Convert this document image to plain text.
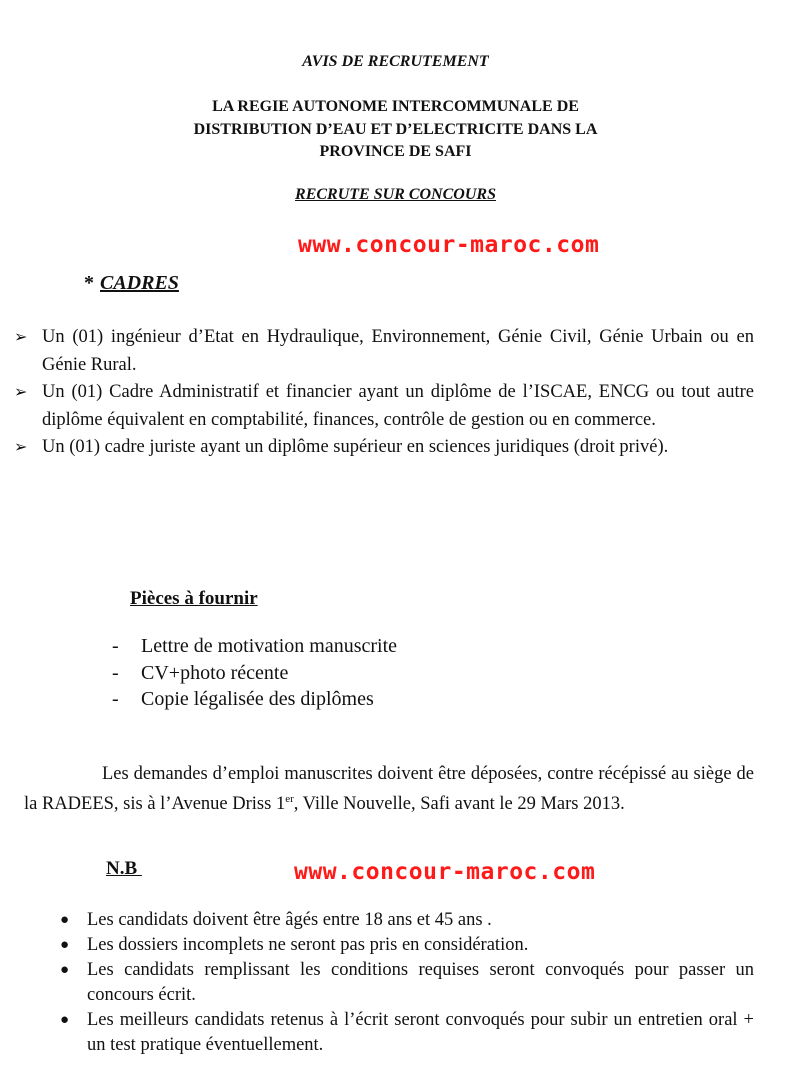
AVIS DE RECRUTEMENT
LA REGIE AUTONOME INTERCOMMUNALE DE
DISTRIBUTION D’EAU ET D’ELECTRICITE DANS LA
PROVINCE DE SAFI
RECRUTE SUR CONCOURS
www.concour-maroc.com
* CADRES
➢ Un (01) ingénieur d’Etat en Hydraulique, Environnement, Génie Civil, Génie Urbain ou en Génie Rural.
➢ Un (01) Cadre Administratif et financier ayant un diplôme de l’ISCAE, ENCG ou tout autre diplôme équivalent en comptabilité, finances, contrôle de gestion ou en commerce.
➢ Un (01) cadre juriste ayant un diplôme supérieur en sciences juridiques (droit privé).
Pièces à fournir
- Lettre de motivation manuscrite
- CV+photo récente
- Copie légalisée des diplômes
Les demandes d’emploi manuscrites doivent être déposées, contre récépissé au siège de la RADEES, sis à l’Avenue Driss 1er, Ville Nouvelle, Safi avant le 29 Mars 2013.
N.B	www.concour-maroc.com
● Les candidats doivent être âgés entre 18 ans et 45 ans .
● Les dossiers incomplets ne seront pas pris en considération.
● Les candidats remplissant les conditions requises seront convoqués pour passer un concours écrit.
● Les meilleurs candidats retenus à l’écrit seront convoqués pour subir un entretien oral + un test pratique éventuellement.
